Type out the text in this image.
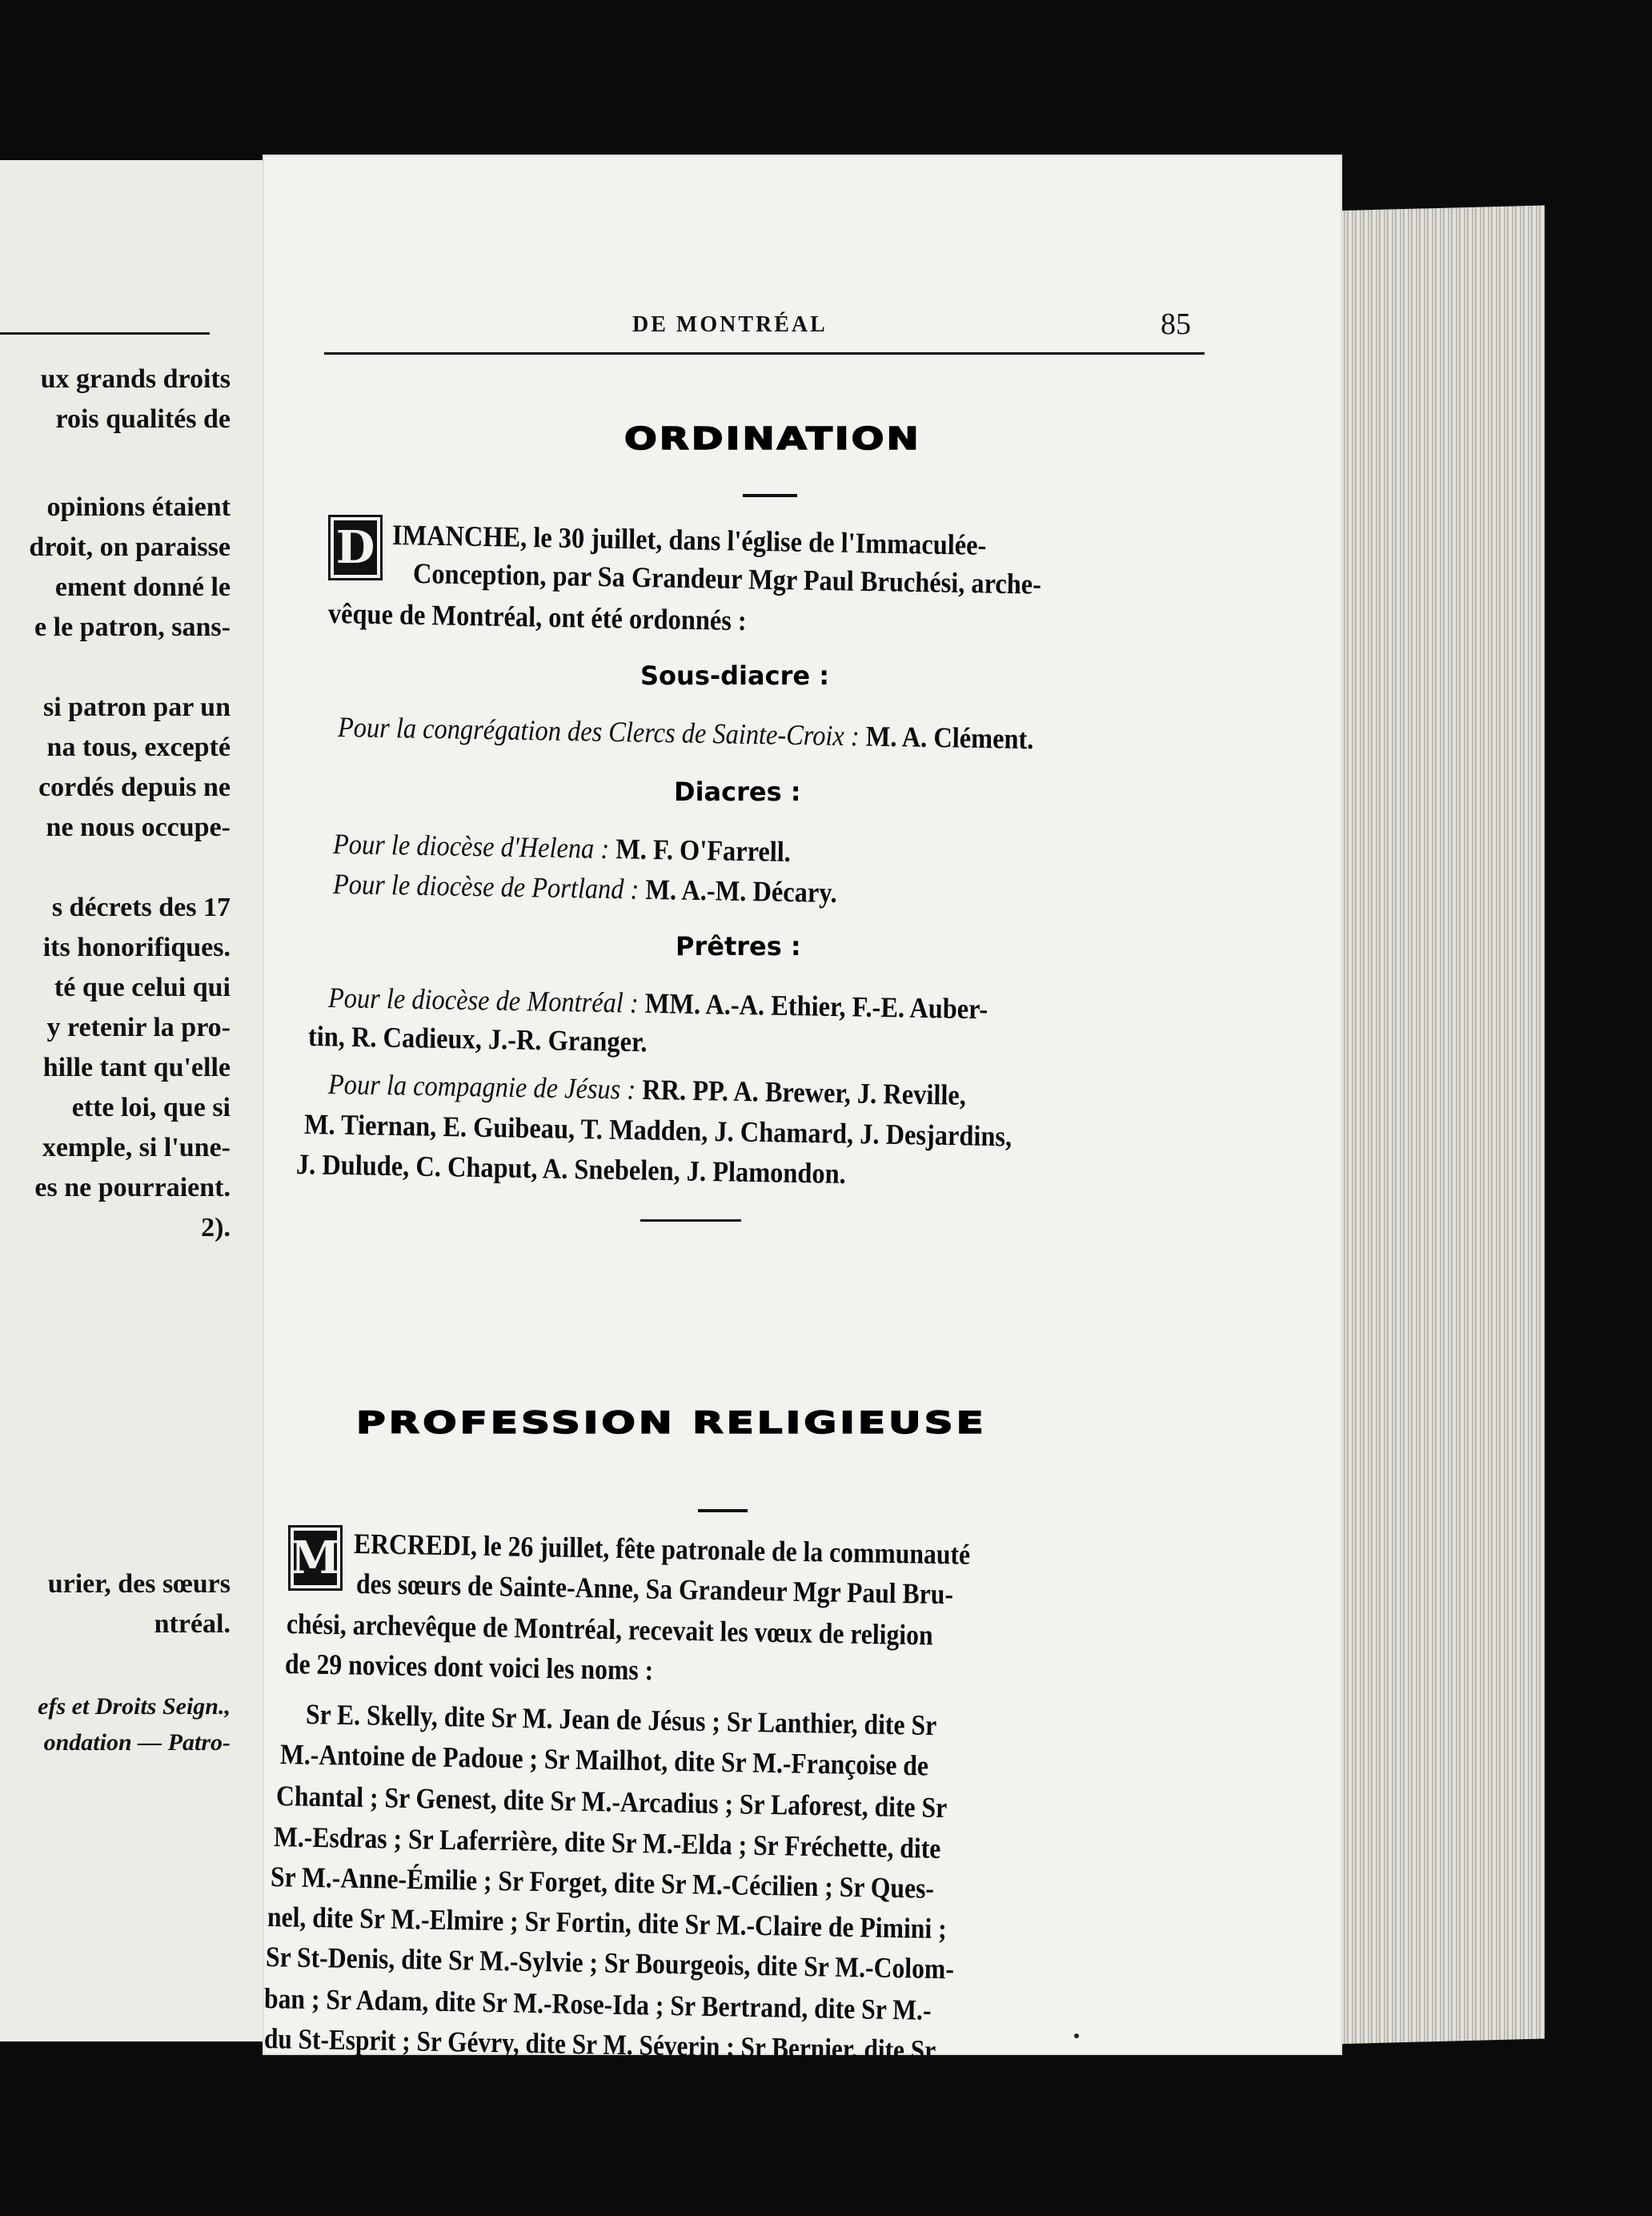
ux grands droits
rois qualités de
opinions étaient
droit, on paraisse
ement donné le
e le patron, sans-
si patron par un
na tous, excepté
cordés depuis ne
ne nous occupe-
s décrets des 17
its honorifiques.
té que celui qui
y retenir la pro-
hille tant qu'elle
ette loi, que si
xemple, si l'une-
es ne pourraient.
2).
urier, des sœurs
ntréal.
efs et Droits Seign.,
ondation — Patro-
DE MONTRÉAL	85
ORDINATION
D IMANCHE, le 30 juillet, dans l'église de l'Immaculée-
Conception, par Sa Grandeur Mgr Paul Bruchési, arche-
vêque de Montréal, ont été ordonnés :
Sous-diacre :
Pour la congrégation des Clercs de Sainte-Croix : M. A. Clément.
Diacres :
Pour le diocèse d'Helena : M. F. O'Farrell.
Pour le diocèse de Portland : M. A.-M. Décary.
Prêtres :
Pour le diocèse de Montréal : MM. A.-A. Ethier, F.-E. Auber-
tin, R. Cadieux, J.-R. Granger.
Pour la compagnie de Jésus : RR. PP. A. Brewer, J. Reville,
M. Tiernan, E. Guibeau, T. Madden, J. Chamard, J. Desjardins,
J. Dulude, C. Chaput, A. Snebelen, J. Plamondon.
PROFESSION RELIGIEUSE
M ERCREDI, le 26 juillet, fête patronale de la communauté
des sœurs de Sainte-Anne, Sa Grandeur Mgr Paul Bru-
chési, archevêque de Montréal, recevait les vœux de religion
de 29 novices dont voici les noms :
Sr E. Skelly, dite Sr M. Jean de Jésus ; Sr Lanthier, dite Sr
M.-Antoine de Padoue ; Sr Mailhot, dite Sr M.-Françoise de
Chantal ; Sr Genest, dite Sr M.-Arcadius ; Sr Laforest, dite Sr
M.-Esdras ; Sr Laferrière, dite Sr M.-Elda ; Sr Fréchette, dite
Sr M.-Anne-Émilie ; Sr Forget, dite Sr M.-Cécilien ; Sr Ques-
nel, dite Sr M.-Elmire ; Sr Fortin, dite Sr M.-Claire de Pimini ;
Sr St-Denis, dite Sr M.-Sylvie ; Sr Bourgeois, dite Sr M.-Colom-
ban ; Sr Adam, dite Sr M.-Rose-Ida ; Sr Bertrand, dite Sr M.-
du St-Esprit ; Sr Gévry, dite Sr M. Séverin ; Sr Bernier, dite Sr
